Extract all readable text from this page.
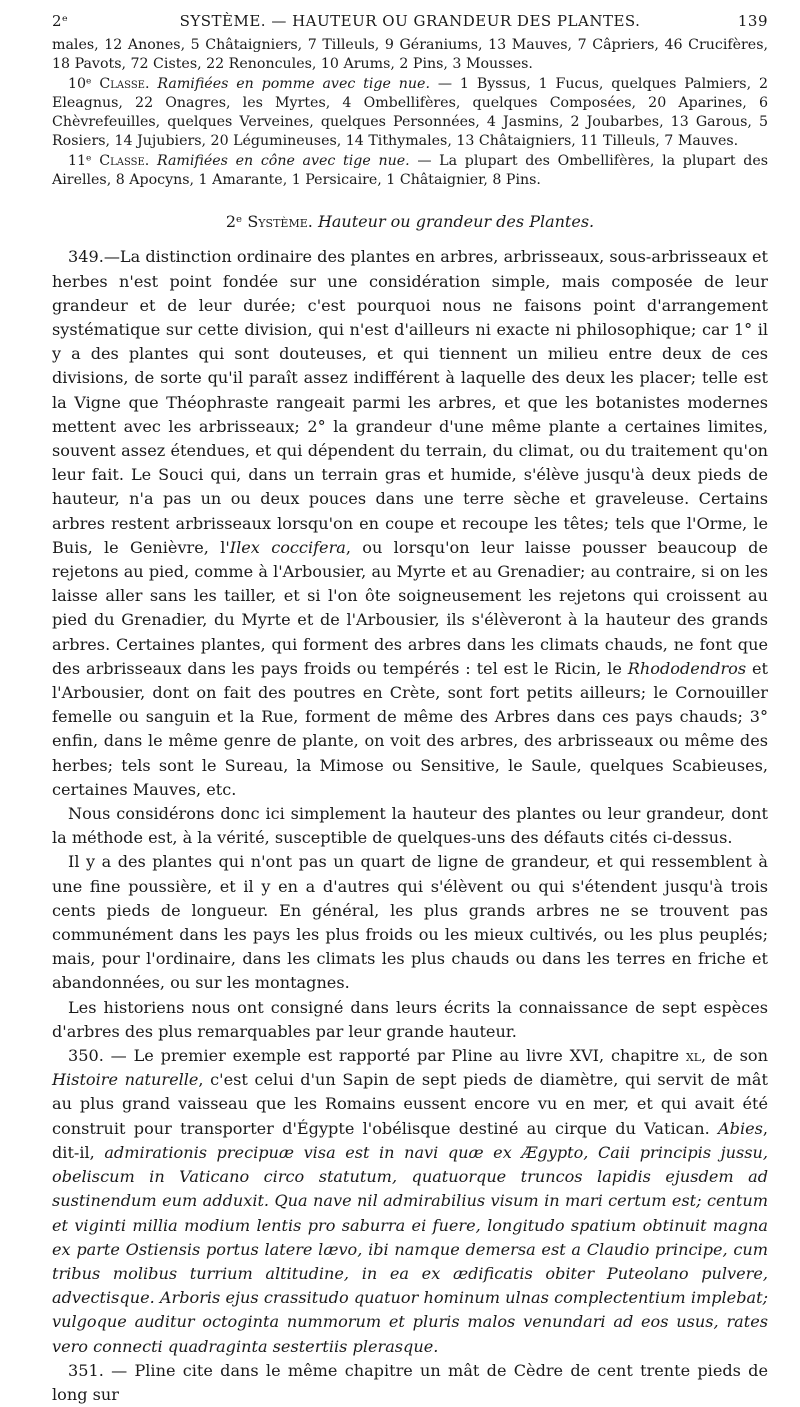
2ᵉ	SYSTÈME. — HAUTEUR OU GRANDEUR DES PLANTES.	139

males, 12 Anones, 5 Châtaigniers, 7 Tilleuls, 9 Géraniums, 13 Mauves, 7 Câpriers, 46 Crucifères, 18 Pavots, 72 Cistes, 22 Renoncules, 10 Arums, 2 Pins, 3 Mousses.

10ᵉ Classe. Ramifiées en pomme avec tige nue. — 1 Byssus, 1 Fucus, quelques Palmiers, 2 Eleagnus, 22 Onagres, les Myrtes, 4 Ombellifères, quelques Composées, 20 Aparines, 6 Chèvrefeuilles, quelques Verveines, quelques Personnées, 4 Jasmins, 2 Joubarbes, 13 Garous, 5 Rosiers, 14 Jujubiers, 20 Légumineuses, 14 Tithymales, 13 Châtaigniers, 11 Tilleuls, 7 Mauves.

11ᵉ Classe. Ramifiées en cône avec tige nue. — La plupart des Ombellifères, la plupart des Airelles, 8 Apocyns, 1 Amarante, 1 Persicaire, 1 Châtaignier, 8 Pins.

2ᵉ Système. Hauteur ou grandeur des Plantes.

349.—La distinction ordinaire des plantes en arbres, arbrisseaux, sous-arbrisseaux et herbes n'est point fondée sur une considération simple, mais composée de leur grandeur et de leur durée; c'est pourquoi nous ne faisons point d'arrangement systématique sur cette division, qui n'est d'ailleurs ni exacte ni philosophique; car 1° il y a des plantes qui sont douteuses, et qui tiennent un milieu entre deux de ces divisions, de sorte qu'il paraît assez indifférent à laquelle des deux les placer; telle est la Vigne que Théophraste rangeait parmi les arbres, et que les botanistes modernes mettent avec les arbrisseaux; 2° la grandeur d'une même plante a certaines limites, souvent assez étendues, et qui dépendent du terrain, du climat, ou du traitement qu'on leur fait. Le Souci qui, dans un terrain gras et humide, s'élève jusqu'à deux pieds de hauteur, n'a pas un ou deux pouces dans une terre sèche et graveleuse. Certains arbres restent arbrisseaux lorsqu'on en coupe et recoupe les têtes; tels que l'Orme, le Buis, le Genièvre, l'Ilex coccifera, ou lorsqu'on leur laisse pousser beaucoup de rejetons au pied, comme à l'Arbousier, au Myrte et au Grenadier; au contraire, si on les laisse aller sans les tailler, et si l'on ôte soigneusement les rejetons qui croissent au pied du Grenadier, du Myrte et de l'Arbousier, ils s'élèveront à la hauteur des grands arbres. Certaines plantes, qui forment des arbres dans les climats chauds, ne font que des arbrisseaux dans les pays froids ou tempérés : tel est le Ricin, le Rhododendros et l'Arbousier, dont on fait des poutres en Crète, sont fort petits ailleurs; le Cornouiller femelle ou sanguin et la Rue, forment de même des Arbres dans ces pays chauds; 3° enfin, dans le même genre de plante, on voit des arbres, des arbrisseaux ou même des herbes; tels sont le Sureau, la Mimose ou Sensitive, le Saule, quelques Scabieuses, certaines Mauves, etc.

Nous considérons donc ici simplement la hauteur des plantes ou leur grandeur, dont la méthode est, à la vérité, susceptible de quelques-uns des défauts cités ci-dessus.

Il y a des plantes qui n'ont pas un quart de ligne de grandeur, et qui ressemblent à une fine poussière, et il y en a d'autres qui s'élèvent ou qui s'étendent jusqu'à trois cents pieds de longueur. En général, les plus grands arbres ne se trouvent pas communément dans les pays les plus froids ou les mieux cultivés, ou les plus peuplés; mais, pour l'ordinaire, dans les climats les plus chauds ou dans les terres en friche et abandonnées, ou sur les montagnes.

Les historiens nous ont consigné dans leurs écrits la connaissance de sept espèces d'arbres des plus remarquables par leur grande hauteur.

350. — Le premier exemple est rapporté par Pline au livre XVI, chapitre xl, de son Histoire naturelle, c'est celui d'un Sapin de sept pieds de diamètre, qui servit de mât au plus grand vaisseau que les Romains eussent encore vu en mer, et qui avait été construit pour transporter d'Égypte l'obélisque destiné au cirque du Vatican. Abies, dit-il, admirationis precipuæ visa est in navi quæ ex Ægypto, Caii principis jussu, obeliscum in Vaticano circo statutum, quatuorque truncos lapidis ejusdem ad sustinendum eum adduxit. Qua nave nil admirabilius visum in mari certum est; centum et viginti millia modium lentis pro saburra ei fuere, longitudo spatium obtinuit magna ex parte Ostiensis portus latere lævo, ibi namque demersa est a Claudio principe, cum tribus molibus turrium altitudine, in ea ex ædificatis obiter Puteolano pulvere, advectisque. Arboris ejus crassitudo quatuor hominum ulnas complectentium implebat; vulgoque auditur octoginta nummorum et pluris malos venundari ad eos usus, rates vero connecti quadraginta sestertiis plerasque.

351. — Pline cite dans le même chapitre un mât de Cèdre de cent trente pieds de long sur
